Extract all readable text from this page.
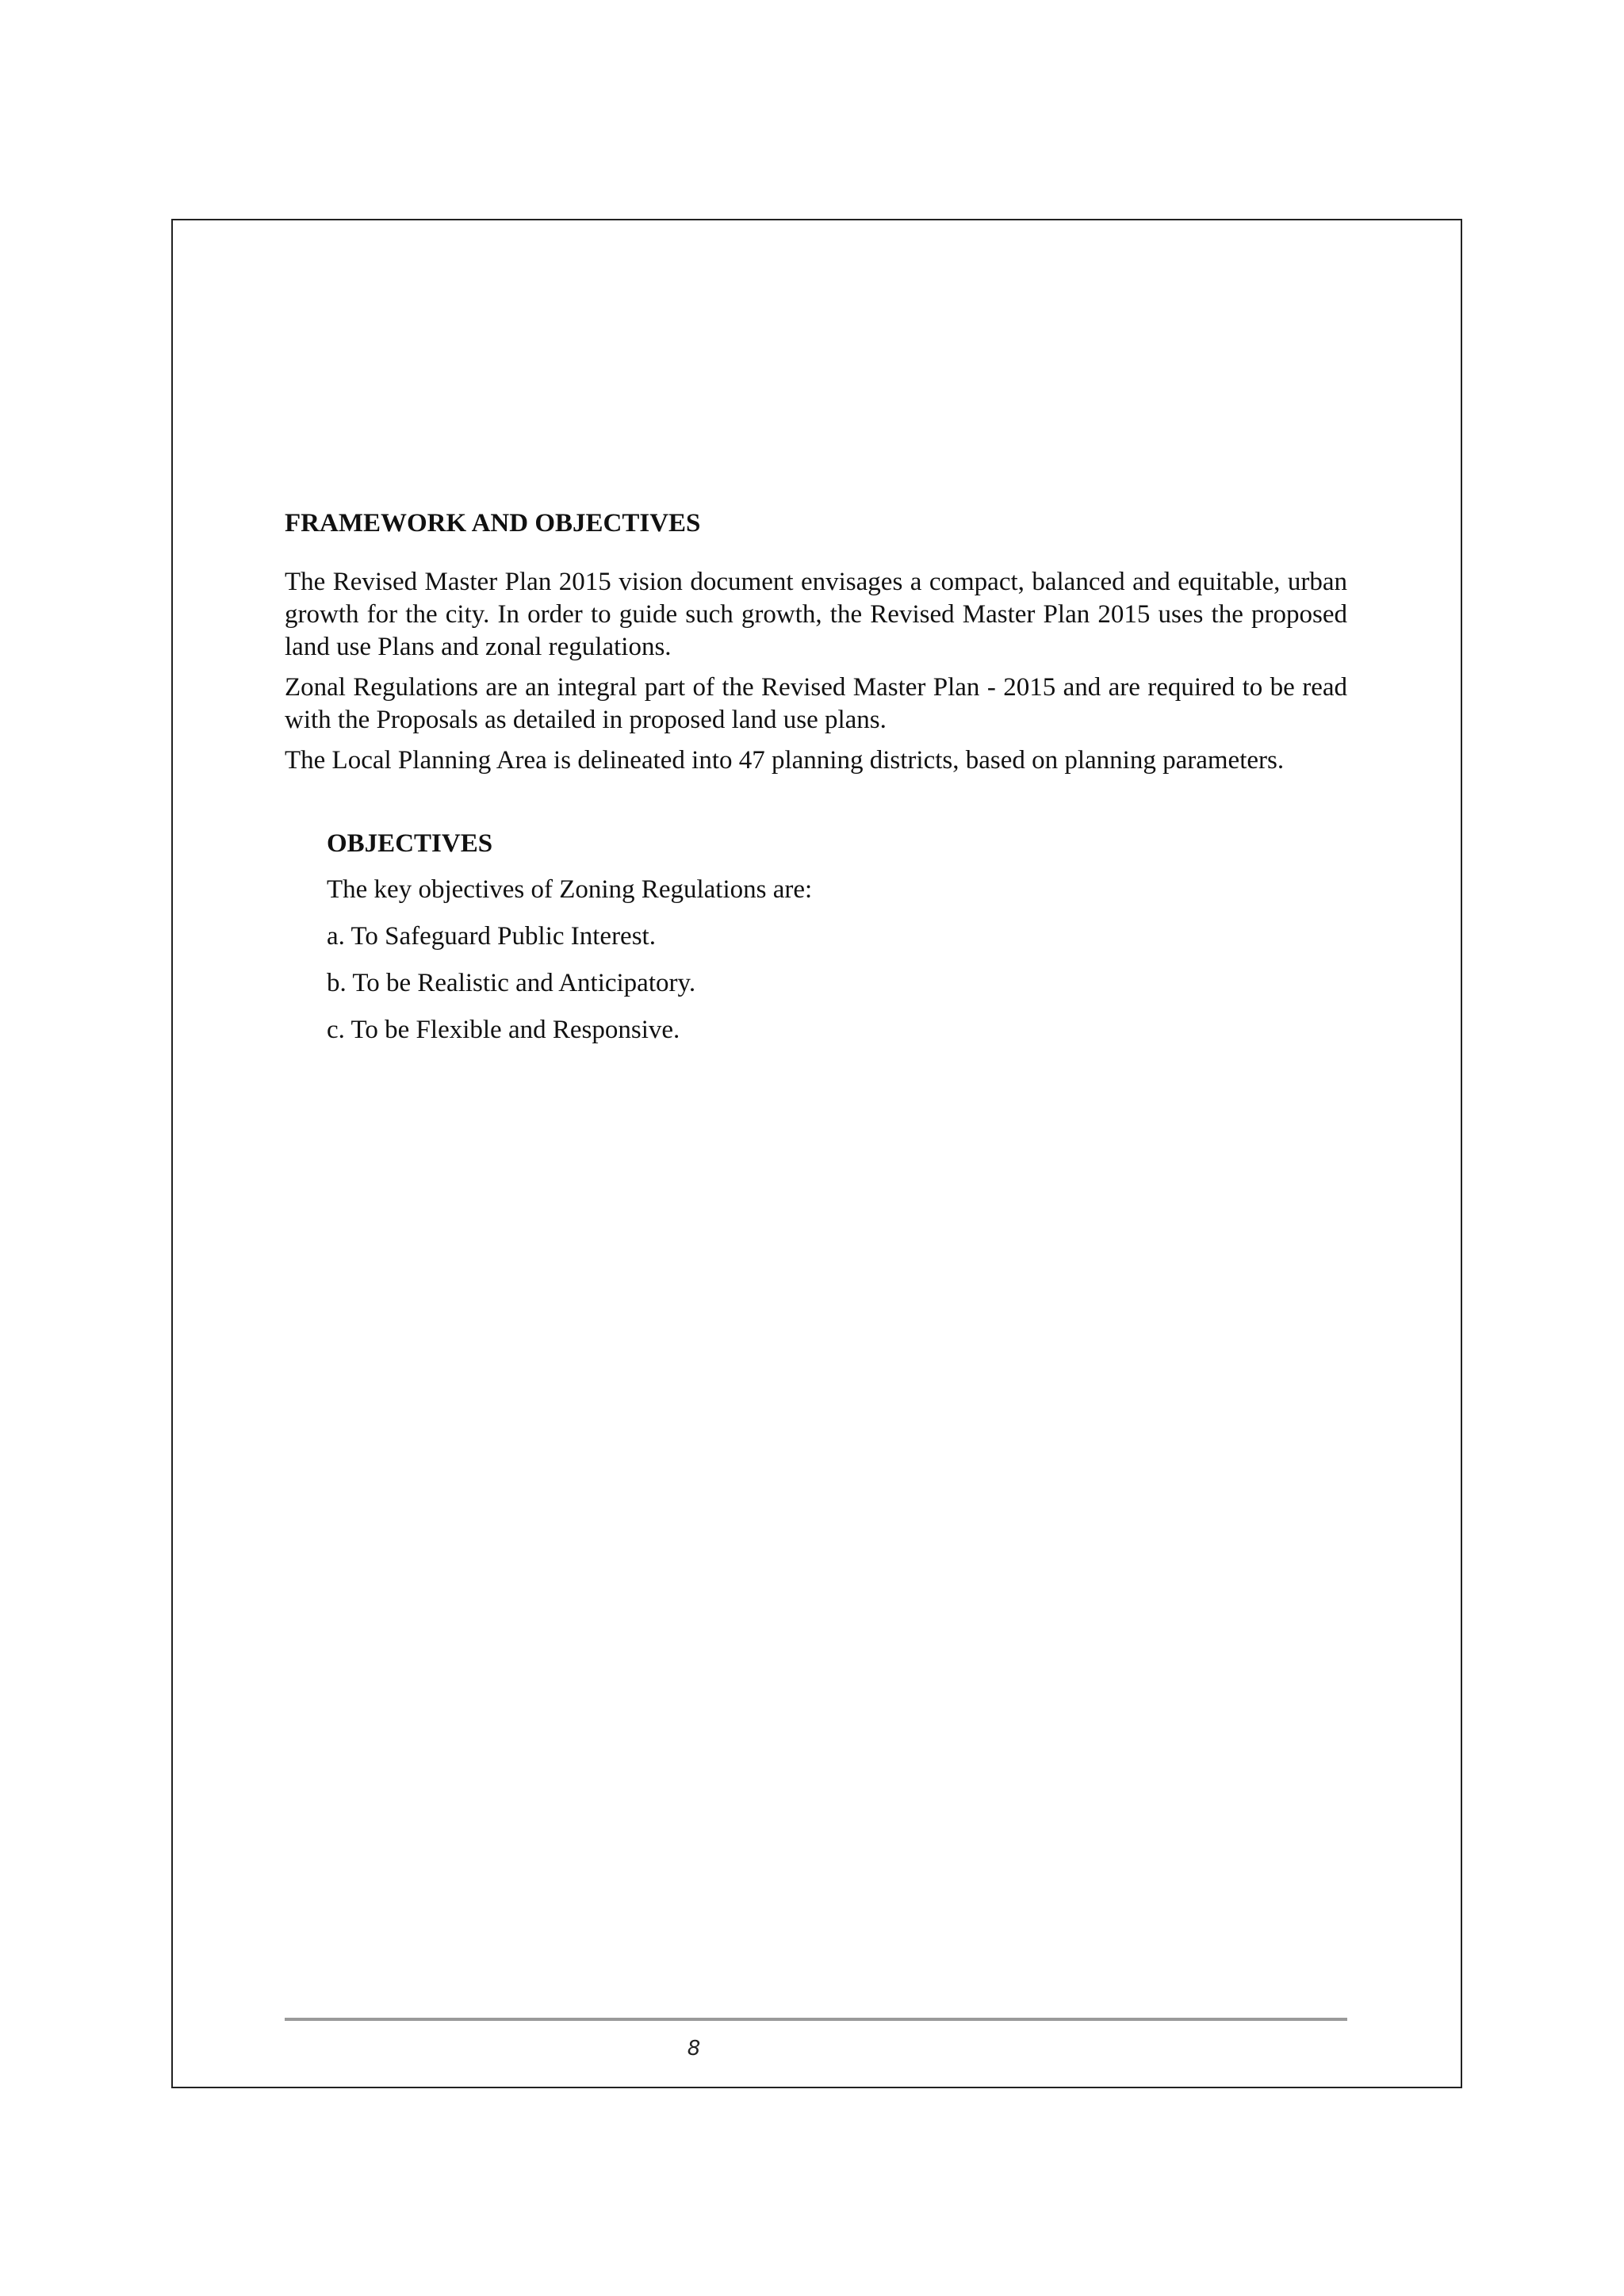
FRAMEWORK AND OBJECTIVES

The Revised Master Plan 2015 vision document envisages a compact, balanced and equitable, urban growth for the city. In order to guide such growth, the Revised Master Plan 2015 uses the proposed land use Plans and zonal regulations.

Zonal Regulations are an integral part of the Revised Master Plan - 2015 and are required to be read with the Proposals as detailed in proposed land use plans.

The Local Planning Area is delineated into 47 planning districts, based on planning parameters.

OBJECTIVES
The key objectives of Zoning Regulations are:
a. To Safeguard Public Interest.
b. To be Realistic and Anticipatory.
c. To be Flexible and Responsive.
8
